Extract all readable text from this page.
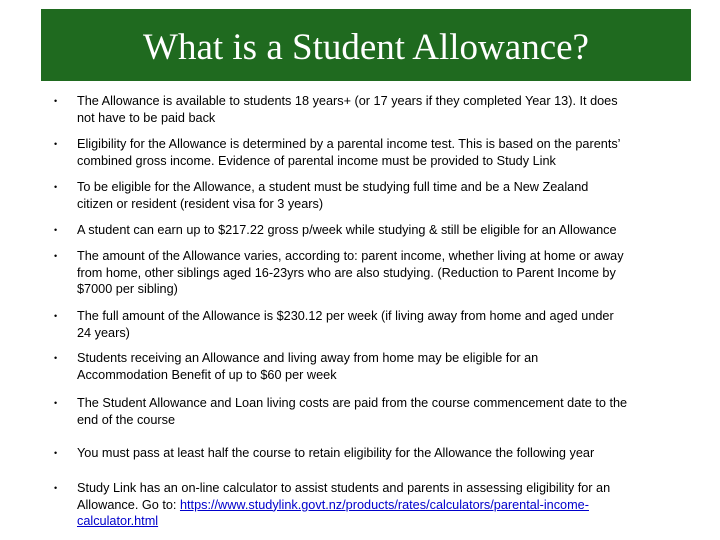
What is a Student Allowance?
• The Allowance is available to students 18 years+ (or 17 years if they completed Year 13). It does
not have to be paid back
• Eligibility for the Allowance is determined by a parental income test. This is based on the parents’
combined gross income. Evidence of parental income must be provided to Study Link
• To be eligible for the Allowance, a student must be studying full time and be a New Zealand
citizen or resident (resident visa for 3 years)
• A student can earn up to $217.22 gross p/week while studying & still be eligible for an Allowance
• The amount of the Allowance varies, according to: parent income, whether living at home or away
from home, other siblings aged 16-23yrs who are also studying. (Reduction to Parent Income by
$7000 per sibling)
• The full amount of the Allowance is $230.12 per week (if living away from home and aged under
24 years)
• Students receiving an Allowance and living away from home may be eligible for an
Accommodation Benefit of up to $60 per week
• The Student Allowance and Loan living costs are paid from the course commencement date to the
end of the course
• You must pass at least half the course to retain eligibility for the Allowance the following year
• Study Link has an on-line calculator to assist students and parents in assessing eligibility for an
Allowance. Go to: https://www.studylink.govt.nz/products/rates/calculators/parental-income-
calculator.html
